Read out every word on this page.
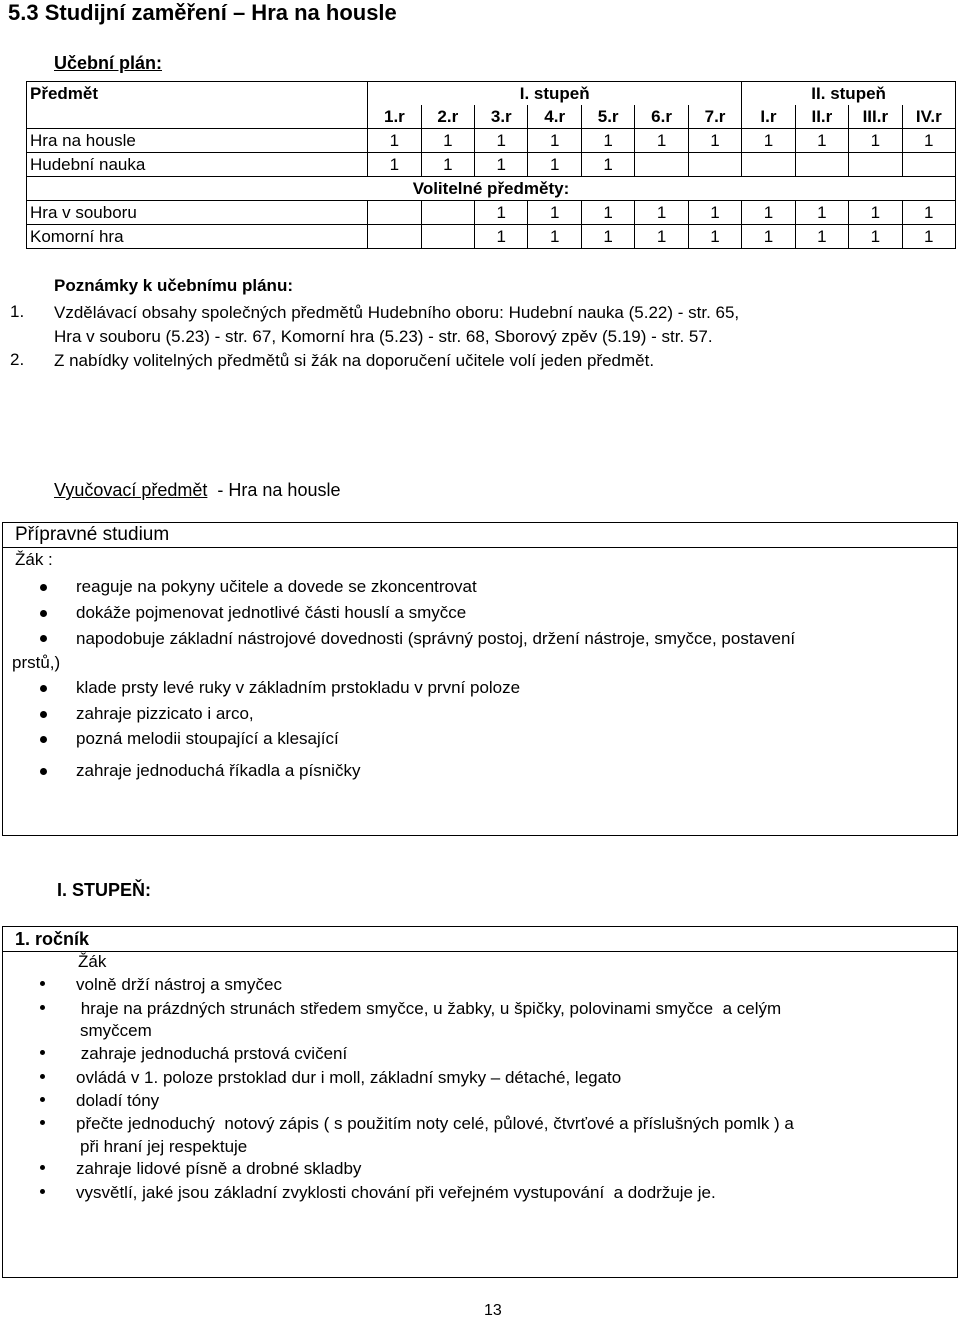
5.3 Studijní zaměření – Hra na housle
Učební plán:
Předmět	I. stupeň							II. stupeň			
	1.r	2.r	3.r	4.r	5.r	6.r	7.r	I.r	II.r	III.r	IV.r
Hra na housle	1	1	1	1	1	1	1	1	1	1	1
Hudební nauka	1	1	1	1	1						
Volitelné předměty:											
Hra v souboru			1	1	1	1	1	1	1	1	1
Komorní hra			1	1	1	1	1	1	1	1	1
Poznámky k učebnímu plánu:
1. Vzdělávací obsahy společných předmětů Hudebního oboru: Hudební nauka (5.22) - str. 65,
Hra v souboru (5.23) - str. 67, Komorní hra (5.23) - str. 68, Sborový zpěv (5.19) - str. 57.
2. Z nabídky volitelných předmětů si žák na doporučení učitele volí jeden předmět.
Vyučovací předmět  - Hra na housle
Přípravné studium
Žák :
reaguje na pokyny učitele a dovede se zkoncentrovat
dokáže pojmenovat jednotlivé části houslí a smyčce
napodobuje základní nástrojové dovednosti (správný postoj, držení nástroje, smyčce, postavení
prstů,)
klade prsty levé ruky v základním prstokladu v první poloze
zahraje pizzicato i arco,
pozná melodii stoupající a klesající
zahraje jednoduchá říkadla a písničky
I. STUPEŇ:
1. ročník
Žák
volně drží nástroj a smyčec
hraje na prázdných strunách středem smyčce, u žabky, u špičky, polovinami smyčce  a celým
smyčcem
zahraje jednoduchá prstová cvičení
ovládá v 1. poloze prstoklad dur i moll, základní smyky – détaché, legato
doladí tóny
přečte jednoduchý  notový zápis ( s použitím noty celé, půlové, čtvrťové a příslušných pomlk ) a
při hraní jej respektuje
zahraje lidové písně a drobné skladby
vysvětlí, jaké jsou základní zvyklosti chování při veřejném vystupování  a dodržuje je.
13
